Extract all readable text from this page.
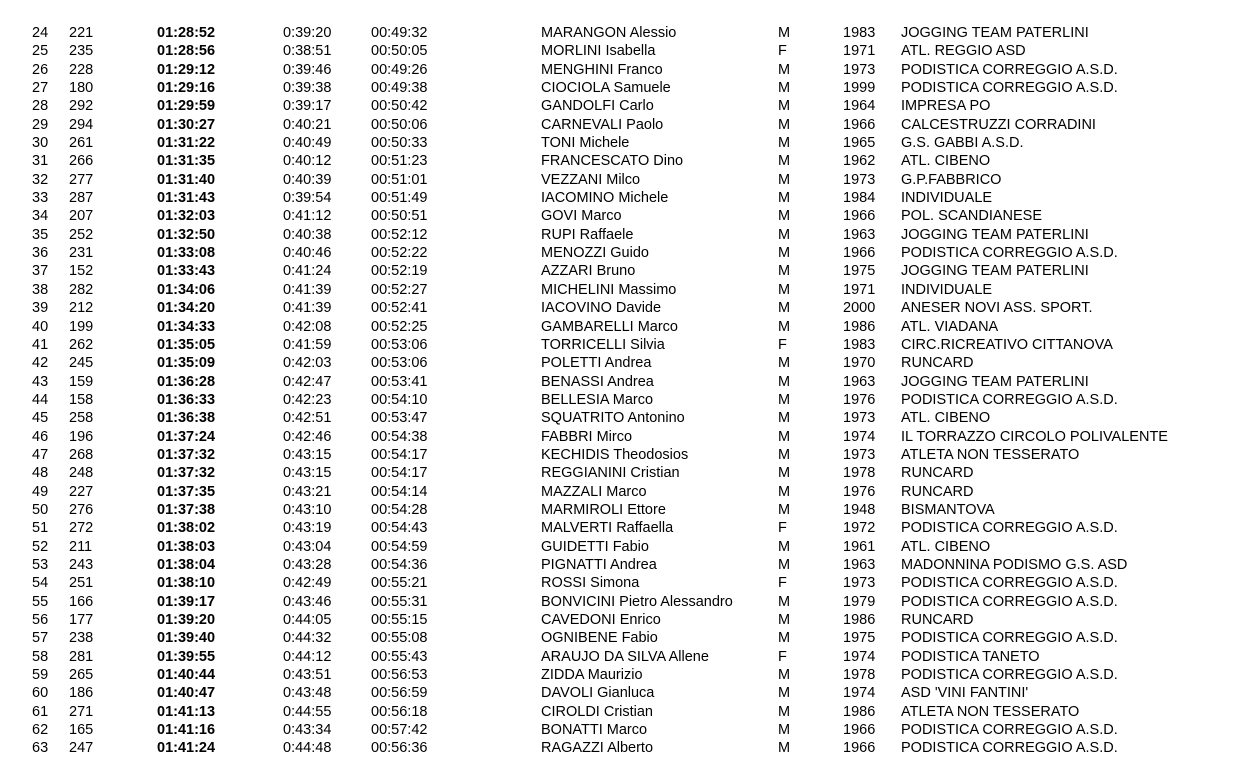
24 221	01:28:52	0:39:20	00:49:32	MARANGON Alessio	M	1983 JOGGING TEAM PATERLINI
25 235	01:28:56	0:38:51	00:50:05	MORLINI Isabella	F	1971 ATL. REGGIO ASD
26 228	01:29:12	0:39:46	00:49:26	MENGHINI Franco	M	1973 PODISTICA CORREGGIO A.S.D.
27 180	01:29:16	0:39:38	00:49:38	CIOCIOLA Samuele	M	1999 PODISTICA CORREGGIO A.S.D.
28 292	01:29:59	0:39:17	00:50:42	GANDOLFI Carlo	M	1964 IMPRESA PO
29 294	01:30:27	0:40:21	00:50:06	CARNEVALI Paolo	M	1966 CALCESTRUZZI CORRADINI
30 261	01:31:22	0:40:49	00:50:33	TONI Michele	M	1965 G.S. GABBI A.S.D.
31 266	01:31:35	0:40:12	00:51:23	FRANCESCATO Dino	M	1962 ATL. CIBENO
32 277	01:31:40	0:40:39	00:51:01	VEZZANI Milco	M	1973 G.P.FABBRICO
33 287	01:31:43	0:39:54	00:51:49	IACOMINO Michele	M	1984 INDIVIDUALE
34 207	01:32:03	0:41:12	00:50:51	GOVI Marco	M	1966 POL. SCANDIANESE
35 252	01:32:50	0:40:38	00:52:12	RUPI Raffaele	M	1963 JOGGING TEAM PATERLINI
36 231	01:33:08	0:40:46	00:52:22	MENOZZI Guido	M	1966 PODISTICA CORREGGIO A.S.D.
37 152	01:33:43	0:41:24	00:52:19	AZZARI Bruno	M	1975 JOGGING TEAM PATERLINI
38 282	01:34:06	0:41:39	00:52:27	MICHELINI Massimo	M	1971 INDIVIDUALE
39 212	01:34:20	0:41:39	00:52:41	IACOVINO Davide	M	2000 ANESER NOVI ASS. SPORT.
40 199	01:34:33	0:42:08	00:52:25	GAMBARELLI Marco	M	1986 ATL. VIADANA
41 262	01:35:05	0:41:59	00:53:06	TORRICELLI Silvia	F	1983 CIRC.RICREATIVO CITTANOVA
42 245	01:35:09	0:42:03	00:53:06	POLETTI Andrea	M	1970 RUNCARD
43 159	01:36:28	0:42:47	00:53:41	BENASSI Andrea	M	1963 JOGGING TEAM PATERLINI
44 158	01:36:33	0:42:23	00:54:10	BELLESIA Marco	M	1976 PODISTICA CORREGGIO A.S.D.
45 258	01:36:38	0:42:51	00:53:47	SQUATRITO Antonino	M	1973 ATL. CIBENO
46 196	01:37:24	0:42:46	00:54:38	FABBRI Mirco	M	1974 IL TORRAZZO CIRCOLO POLIVALENTE
47 268	01:37:32	0:43:15	00:54:17	KECHIDIS Theodosios	M	1973 ATLETA NON TESSERATO
48 248	01:37:32	0:43:15	00:54:17	REGGIANINI Cristian	M	1978 RUNCARD
49 227	01:37:35	0:43:21	00:54:14	MAZZALI Marco	M	1976 RUNCARD
50 276	01:37:38	0:43:10	00:54:28	MARMIROLI Ettore	M	1948 BISMANTOVA
51 272	01:38:02	0:43:19	00:54:43	MALVERTI Raffaella	F	1972 PODISTICA CORREGGIO A.S.D.
52 211	01:38:03	0:43:04	00:54:59	GUIDETTI Fabio	M	1961 ATL. CIBENO
53 243	01:38:04	0:43:28	00:54:36	PIGNATTI Andrea	M	1963 MADONNINA PODISMO G.S. ASD
54 251	01:38:10	0:42:49	00:55:21	ROSSI Simona	F	1973 PODISTICA CORREGGIO A.S.D.
55 166	01:39:17	0:43:46	00:55:31	BONVICINI Pietro Alessandro	M	1979 PODISTICA CORREGGIO A.S.D.
56 177	01:39:20	0:44:05	00:55:15	CAVEDONI Enrico	M	1986 RUNCARD
57 238	01:39:40	0:44:32	00:55:08	OGNIBENE Fabio	M	1975 PODISTICA CORREGGIO A.S.D.
58 281	01:39:55	0:44:12	00:55:43	ARAUJO DA SILVA Allene	F	1974 PODISTICA TANETO
59 265	01:40:44	0:43:51	00:56:53	ZIDDA Maurizio	M	1978 PODISTICA CORREGGIO A.S.D.
60 186	01:40:47	0:43:48	00:56:59	DAVOLI Gianluca	M	1974 ASD 'VINI FANTINI'
61 271	01:41:13	0:44:55	00:56:18	CIROLDI Cristian	M	1986 ATLETA NON TESSERATO
62 165	01:41:16	0:43:34	00:57:42	BONATTI Marco	M	1966 PODISTICA CORREGGIO A.S.D.
63 247	01:41:24	0:44:48	00:56:36	RAGAZZI Alberto	M	1966 PODISTICA CORREGGIO A.S.D.
